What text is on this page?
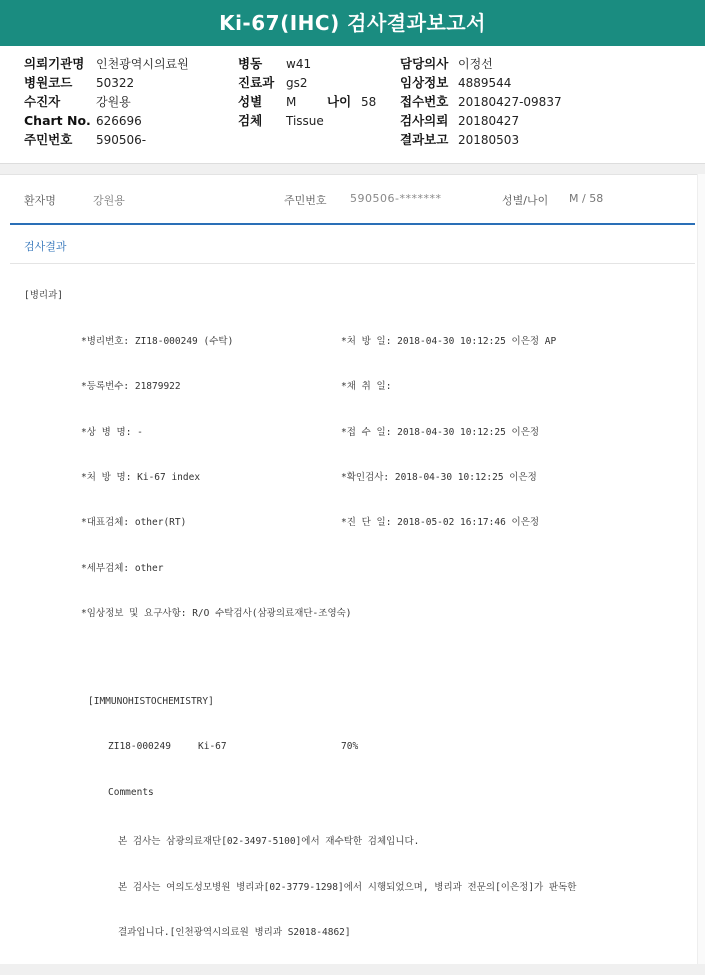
Ki-67(IHC) 검사결과보고서
의뢰기관명 인천광역시의료원
병원코드 50322
수진자	강원용
Chart No. 626696
주민번호 590506-
병동 w41
진료과 gs2
성별 M 나이 58
검체 Tissue
담당의사 이정선
임상정보 4889544
접수번호 20180427-09837
검사의뢰 20180427
결과보고 20180503
환자명	강원용	주민번호 590506-*******	성별/나이 M / 58
검사결과
[병리과]
*병리번호: ZI18-000249 (수탁)
*등록번수: 21879922
*상 병 명: -
*처 방 명: Ki-67 index
*대표검체: other(RT)
*세부검체: other
*임상정보 및 요구사항: R/O 수탁검사(삼광의료재단-조영숙)
*처 방 일: 2018-04-30 10:12:25 이은정 AP
*채 취 일:
*접 수 일: 2018-04-30 10:12:25 이은정
*확인검사: 2018-04-30 10:12:25 이은정
*진 단 일: 2018-05-02 16:17:46 이은정
[IMMUNOHISTOCHEMISTRY]
ZI18-000249	Ki-67	70%
Comments
본 검사는 삼광의료재단[02-3497-5100]에서 재수탁한 검체입니다.
본 검사는 여의도성모병원 병리과[02-3779-1298]에서 시행되었으며, 병리과 전문의[이은정]가 판독한
결과입니다.[인천광역시의료원 병리과 S2018-4862]
